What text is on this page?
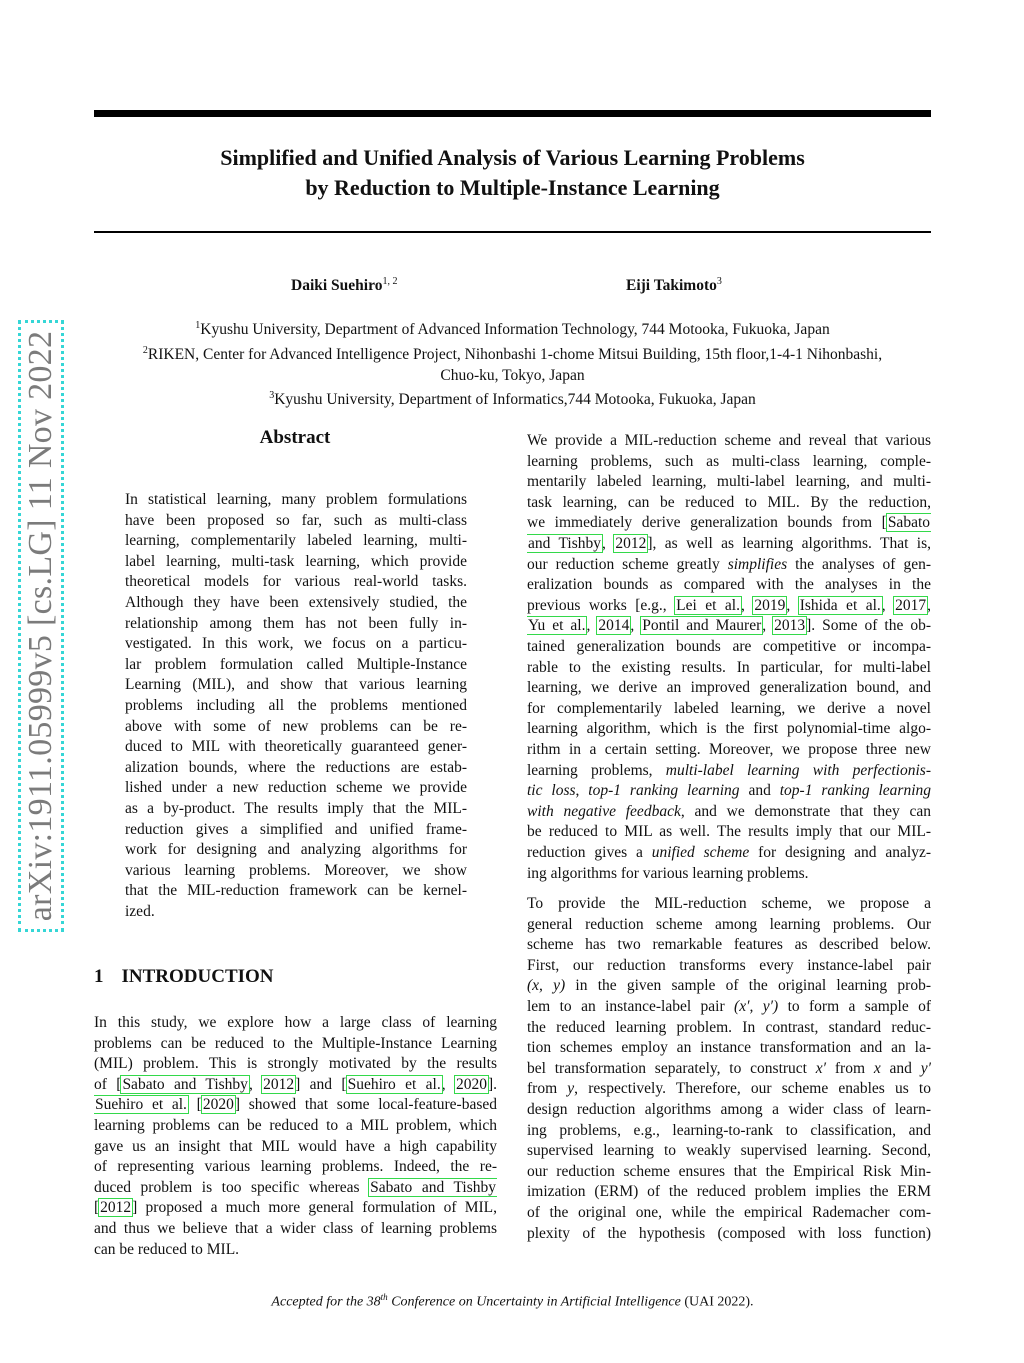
arXiv:1911.05999v5 [cs.LG] 11 Nov 2022
Simplified and Unified Analysis of Various Learning Problems
by Reduction to Multiple-Instance Learning
Daiki Suehiro$^{1, 2}$	Eiji Takimoto$^3$
$^1$Kyushu University, Department of Advanced Information Technology, 744 Motooka, Fukuoka, Japan
$^2$RIKEN, Center for Advanced Intelligence Project, Nihonbashi 1-chome Mitsui Building, 15th floor,1-4-1 Nihonbashi,
Chuo-ku, Tokyo, Japan
$^3$Kyushu University, Department of Informatics,744 Motooka, Fukuoka, Japan
Abstract
In statistical learning, many problem formulations
have been proposed so far, such as multi-class
learning, complementarily labeled learning, multi-
label learning, multi-task learning, which provide
theoretical models for various real-world tasks.
Although they have been extensively studied, the
relationship among them has not been fully in-
vestigated. In this work, we focus on a particu-
lar problem formulation called Multiple-Instance
Learning (MIL), and show that various learning
problems including all the problems mentioned
above with some of new problems can be re-
duced to MIL with theoretically guaranteed gener-
alization bounds, where the reductions are estab-
lished under a new reduction scheme we provide
as a by-product. The results imply that the MIL-
reduction gives a simplified and unified frame-
work for designing and analyzing algorithms for
various learning problems. Moreover, we show
that the MIL-reduction framework can be kernel-
ized.
1 INTRODUCTION
In this study, we explore how a large class of learning
problems can be reduced to the Multiple-Instance Learning
(MIL) problem. This is strongly motivated by the results
of [Sabato and Tishby, 2012] and [Suehiro et al., 2020].
Suehiro et al. [2020] showed that some local-feature-based
learning problems can be reduced to a MIL problem, which
gave us an insight that MIL would have a high capability
of representing various learning problems. Indeed, the re-
duced problem is too specific whereas Sabato and Tishby
[2012] proposed a much more general formulation of MIL,
and thus we believe that a wider class of learning problems
can be reduced to MIL.
We provide a MIL-reduction scheme and reveal that various
learning problems, such as multi-class learning, comple-
mentarily labeled learning, multi-label learning, and multi-
task learning, can be reduced to MIL. By the reduction,
we immediately derive generalization bounds from [Sabato
and Tishby, 2012], as well as learning algorithms. That is,
our reduction scheme greatly simplifies the analyses of gen-
eralization bounds as compared with the analyses in the
previous works [e.g., Lei et al., 2019, Ishida et al., 2017,
Yu et al., 2014, Pontil and Maurer, 2013]. Some of the ob-
tained generalization bounds are competitive or incompa-
rable to the existing results. In particular, for multi-label
learning, we derive an improved generalization bound, and
for complementarily labeled learning, we derive a novel
learning algorithm, which is the first polynomial-time algo-
rithm in a certain setting. Moreover, we propose three new
learning problems, multi-label learning with perfectionis-
tic loss, top-1 ranking learning and top-1 ranking learning
with negative feedback, and we demonstrate that they can
be reduced to MIL as well. The results imply that our MIL-
reduction gives a unified scheme for designing and analyz-
ing algorithms for various learning problems.
To provide the MIL-reduction scheme, we propose a
general reduction scheme among learning problems. Our
scheme has two remarkable features as described below.
First, our reduction transforms every instance-label pair
(x, y) in the given sample of the original learning prob-
lem to an instance-label pair (x′, y′) to form a sample of
the reduced learning problem. In contrast, standard reduc-
tion schemes employ an instance transformation and an la-
bel transformation separately, to construct x′ from x and y′
from y, respectively. Therefore, our scheme enables us to
design reduction algorithms among a wider class of learn-
ing problems, e.g., learning-to-rank to classification, and
supervised learning to weakly supervised learning. Second,
our reduction scheme ensures that the Empirical Risk Min-
imization (ERM) of the reduced problem implies the ERM
of the original one, while the empirical Rademacher com-
plexity of the hypothesis (composed with loss function)
Accepted for the 38th Conference on Uncertainty in Artificial Intelligence (UAI 2022).
